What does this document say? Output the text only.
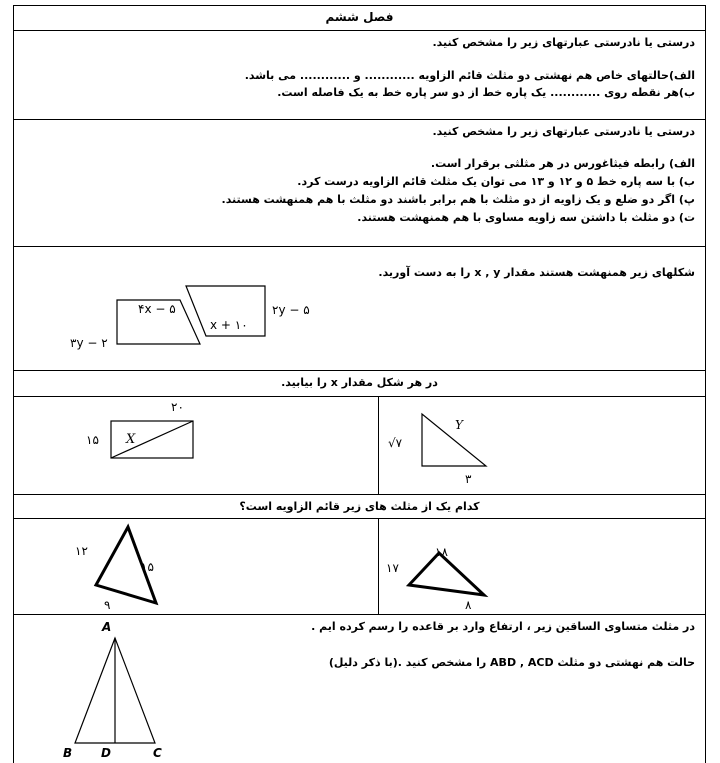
فصل ششم
درستی یا نادرستی عبارتهای زیر را مشخص کنید.
الف)حالتهای خاص هم نهشتی دو مثلث قائم الزاویه ............ و ............ می باشد.
ب)هر نقطه روی ............ یک پاره خط از دو سر پاره خط به یک فاصله است.
درستی یا نادرستی عبارتهای زیر را مشخص کنید.
الف) رابطه فیثاغورس در هر مثلثی برقرار است.
ب) با سه پاره خط ۵ و ۱۲ و ۱۳ می توان یک مثلث قائم الزاویه درست کرد.
پ) اگر دو ضلع و یک زاویه از دو مثلث با هم برابر باشند دو مثلث با هم همنهشت هستند.
ت) دو مثلث با داشتن سه زاویه مساوی با هم همنهشت هستند.
شکلهای زیر همنهشت هستند مقدار x , y را به دست آورید.
۴x − ۵
۳y − ۲
x + ۱۰
۲y − ۵
در هر شکل مقدار x را بیابید.
۲۰
۱۵ X
Y
√۷
۳
کدام یک از مثلث های زیر قائم الزاویه است؟
۱۲
۱۵
۹
۱۸
۱۷
۸
در مثلث متساوی الساقین زیر ، ارتفاع وارد بر قاعده را رسم کرده ایم .
حالت هم نهشتی دو مثلث ABD , ACD را مشخص کنید .(با ذکر دلیل)
A
B D	C
